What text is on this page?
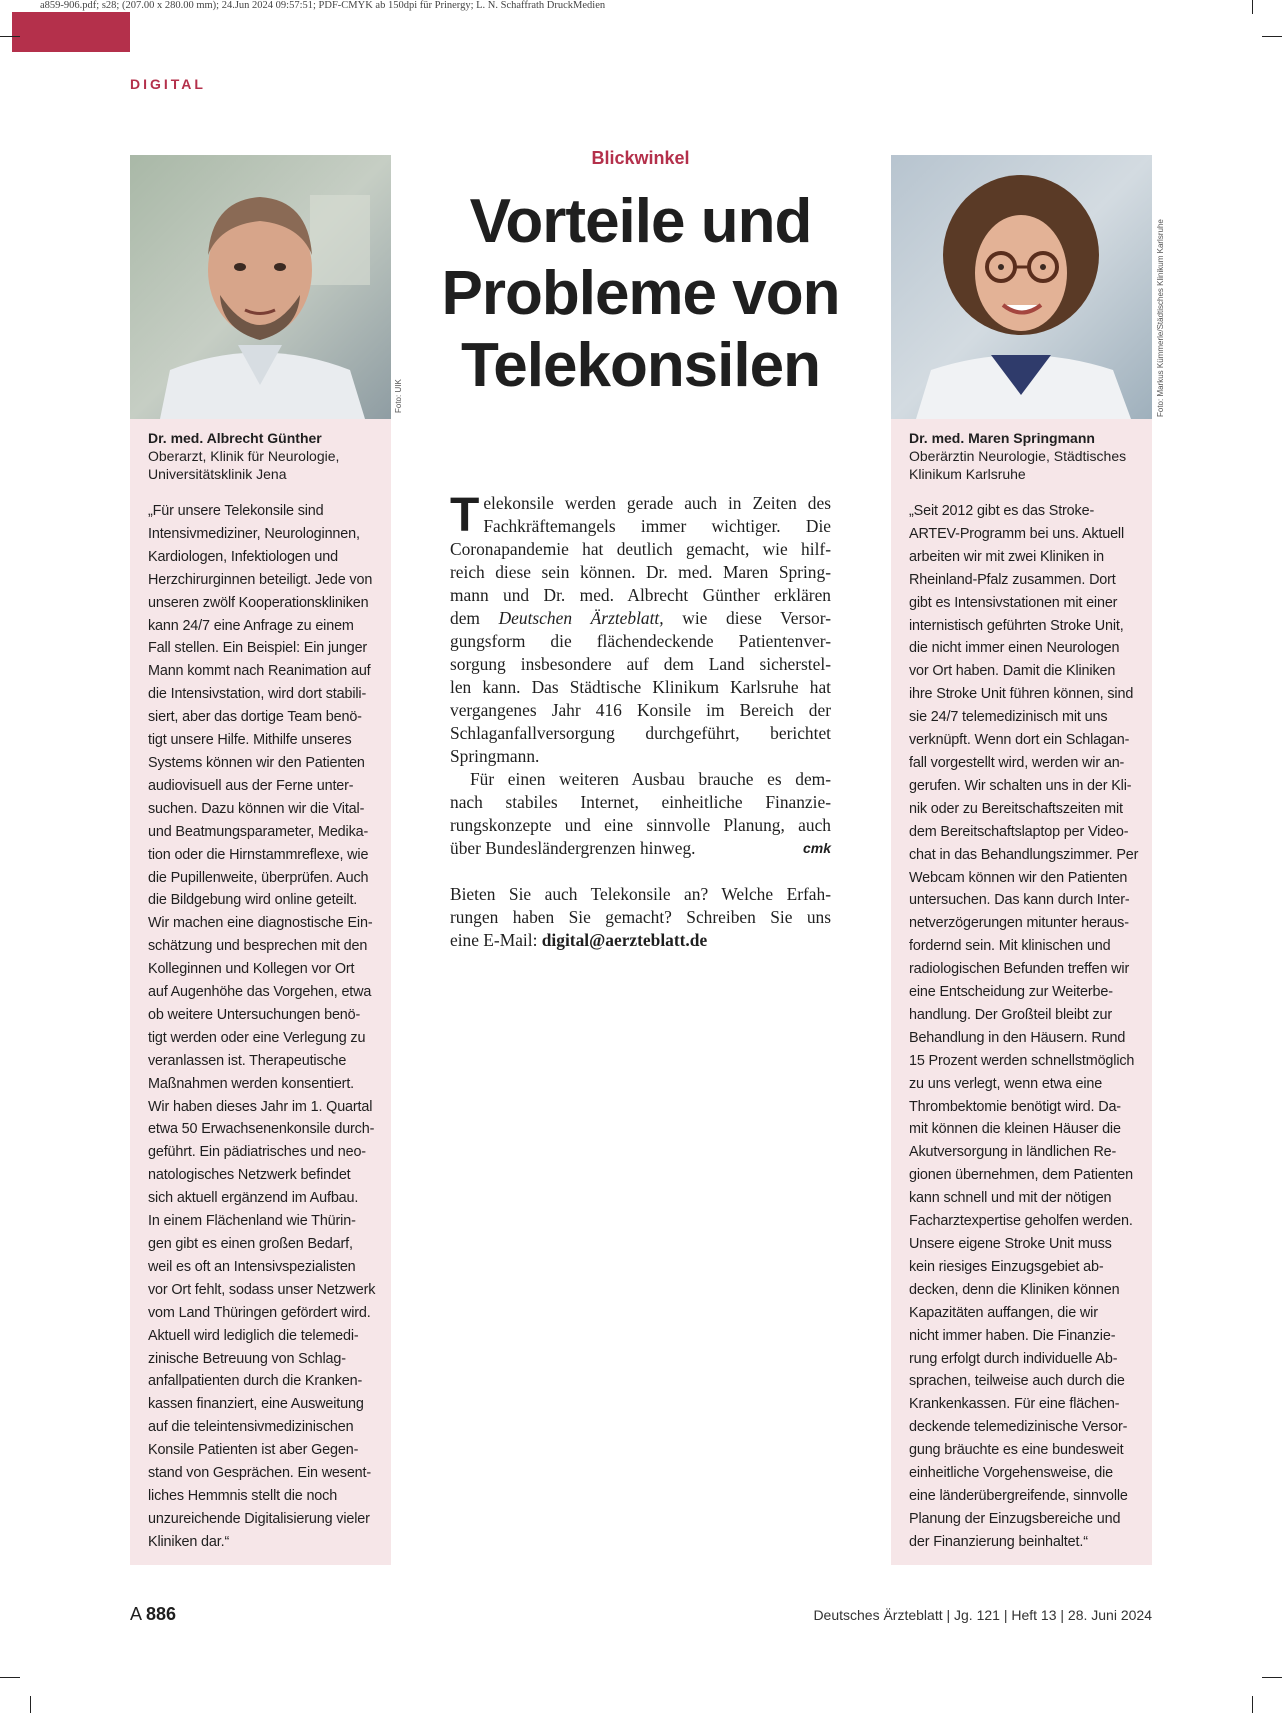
a859-906.pdf; s28; (207.00 x 280.00 mm); 24.Jun 2024 09:57:51; PDF-CMYK ab 150dpi für Prinergy; L. N. Schaffrath DruckMedien
DIGITAL
Foto: UIK
Dr. med. Albrecht Günther
Oberarzt, Klinik für Neurologie,
Universitätsklinik Jena
„Für unsere Telekonsile sind
Intensivmediziner, Neurologinnen,
Kardiologen, Infektiologen und
Herzchirurginnen beteiligt. Jede von
unseren zwölf Kooperationskliniken
kann 24/7 eine Anfrage zu einem
Fall stellen. Ein Beispiel: Ein junger
Mann kommt nach Reanimation auf
die Intensivstation, wird dort stabili-
siert, aber das dortige Team benö-
tigt unsere Hilfe. Mithilfe unseres
Systems können wir den Patienten
audiovisuell aus der Ferne unter-
suchen. Dazu können wir die Vital-
und Beatmungsparameter, Medika-
tion oder die Hirnstammreflexe, wie
die Pupillenweite, überprüfen. Auch
die Bildgebung wird online geteilt.
Wir machen eine diagnostische Ein-
schätzung und besprechen mit den
Kolleginnen und Kollegen vor Ort
auf Augenhöhe das Vorgehen, etwa
ob weitere Untersuchungen benö-
tigt werden oder eine Verlegung zu
veranlassen ist. Therapeutische
Maßnahmen werden konsentiert.
Wir haben dieses Jahr im 1. Quartal
etwa 50 Erwachsenenkonsile durch-
geführt. Ein pädiatrisches und neo-
natologisches Netzwerk befindet
sich aktuell ergänzend im Aufbau.
In einem Flächenland wie Thürin-
gen gibt es einen großen Bedarf,
weil es oft an Intensivspezialisten
vor Ort fehlt, sodass unser Netzwerk
vom Land Thüringen gefördert wird.
Aktuell wird lediglich die telemedi-
zinische Betreuung von Schlag-
anfallpatienten durch die Kranken-
kassen finanziert, eine Ausweitung
auf die teleintensivmedizinischen
Konsile Patienten ist aber Gegen-
stand von Gesprächen. Ein wesent-
liches Hemmnis stellt die noch
unzureichende Digitalisierung vieler
Kliniken dar.“
Foto: Markus Kümmerle/Städtisches Klinikum Karlsruhe
Dr. med. Maren Springmann
Oberärztin Neurologie, Städtisches
Klinikum Karlsruhe
„Seit 2012 gibt es das Stroke-
ARTEV-Programm bei uns. Aktuell
arbeiten wir mit zwei Kliniken in
Rheinland-Pfalz zusammen. Dort
gibt es Intensivstationen mit einer
internistisch geführten Stroke Unit,
die nicht immer einen Neurologen
vor Ort haben. Damit die Kliniken
ihre Stroke Unit führen können, sind
sie 24/7 telemedizinisch mit uns
verknüpft. Wenn dort ein Schlagan-
fall vorgestellt wird, werden wir an-
gerufen. Wir schalten uns in der Kli-
nik oder zu Bereitschaftszeiten mit
dem Bereitschaftslaptop per Video-
chat in das Behandlungszimmer. Per
Webcam können wir den Patienten
untersuchen. Das kann durch Inter-
netverzögerungen mitunter heraus-
fordernd sein. Mit klinischen und
radiologischen Befunden treffen wir
eine Entscheidung zur Weiterbe-
handlung. Der Großteil bleibt zur
Behandlung in den Häusern. Rund
15 Prozent werden schnellstmöglich
zu uns verlegt, wenn etwa eine
Thrombektomie benötigt wird. Da-
mit können die kleinen Häuser die
Akutversorgung in ländlichen Re-
gionen übernehmen, dem Patienten
kann schnell und mit der nötigen
Facharztexpertise geholfen werden.
Unsere eigene Stroke Unit muss
kein riesiges Einzugsgebiet ab-
decken, denn die Kliniken können
Kapazitäten auffangen, die wir
nicht immer haben. Die Finanzie-
rung erfolgt durch individuelle Ab-
sprachen, teilweise auch durch die
Krankenkassen. Für eine flächen-
deckende telemedizinische Versor-
gung bräuchte es eine bundesweit
einheitliche Vorgehensweise, die
eine länderübergreifende, sinnvolle
Planung der Einzugsbereiche und
der Finanzierung beinhaltet.“
Blickwinkel
Vorteile und
Probleme von
Telekonsilen

T elekonsile werden gerade auch in Zeiten des
Fachkräftemangels immer wichtiger. Die
Coronapandemie hat deutlich gemacht, wie hilf-
reich diese sein können. Dr. med. Maren Spring-
mann und Dr. med. Albrecht Günther erklären
dem Deutschen Ärzteblatt, wie diese Versor-
gungsform die flächendeckende Patientenver-
sorgung insbesondere auf dem Land sicherstel-
len kann. Das Städtische Klinikum Karlsruhe hat
vergangenes Jahr 416 Konsile im Bereich der
Schlaganfallversorgung durchgeführt, berichtet
Springmann.

Für einen weiteren Ausbau brauche es dem-
nach stabiles Internet, einheitliche Finanzie-
rungskonzepte und eine sinnvolle Planung, auch
über Bundesländergrenzen hinweg.	cmk

Bieten Sie auch Telekonsile an? Welche Erfah-
rungen haben Sie gemacht? Schreiben Sie uns
eine E-Mail: digital@aerzteblatt.de

A 886	Deutsches Ärzteblatt | Jg. 121 | Heft 13 | 28. Juni 2024
